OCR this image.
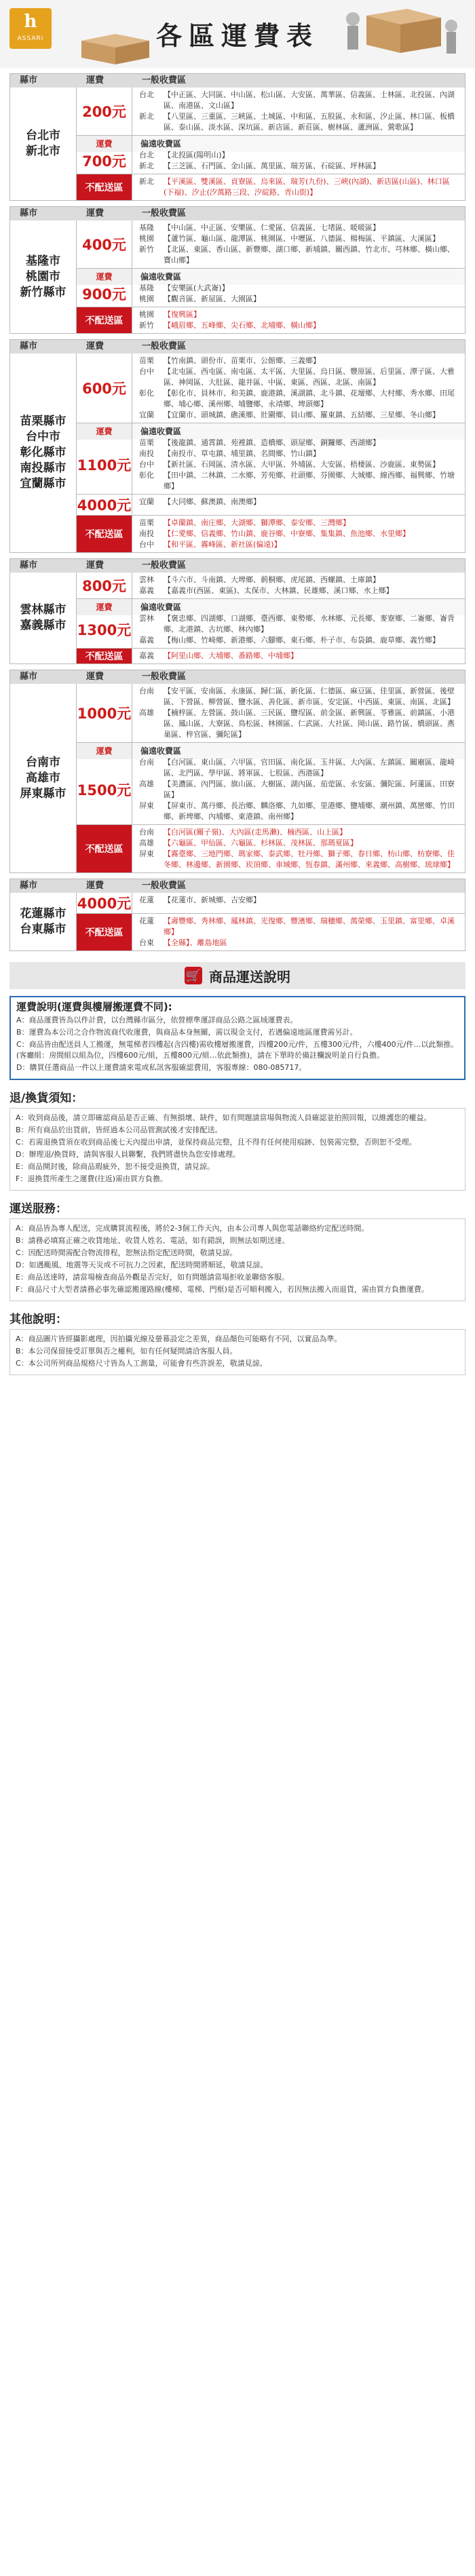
h
ASSARI	各區運費表
縣市	運費	一般收費區
台北市
新北市
200元
台北	【中正區、大同區、中山區、松山區、大安區、萬華區、信義區、士林區、北投區、內湖區、南港區、文山區】
新北	【八里區、三重區、三峽區、土城區、中和區、五股區、永和區、汐止區、林口區、板橋區、泰山區、淡水區、深坑區、新店區、新莊區、樹林區、蘆洲區、鶯歌區】
運費	偏遠收費區
700元	台北	【北投區(陽明山)】
新北	【三芝區、石門區、金山區、萬里區、瑞芳區、石碇區、坪林區】
不配送區
新北	【平溪區、雙溪區、貢寮區、烏來區、瑞芳(九份)、三峽(內湖)、新店區(山區)、林口區(下福)、汐止(汐萬路三段、汐碇路、青山街)】
縣市	運費	一般收費區
基隆市
桃園市
新竹縣市
400元
基隆	【中山區、中正區、安樂區、仁愛區、信義區、七堵區、暖暖區】
桃園	【蘆竹區、龜山區、龍潭區、桃園區、中壢區、八德區、楊梅區、平鎮區、大溪區】
新竹	【北區、東區、香山區、新豐鄉、湖口鄉、新埔鎮、關西鎮、竹北市、芎林鄉、橫山鄉、寶山鄉】
運費	偏遠收費區
900元	基隆	【安樂區(大武崙)】
桃園	【觀音區、新屋區、大園區】
不配送區
桃園	【復興區】
新竹	【峨眉鄉、五峰鄉、尖石鄉、北埔鄉、橫山鄉】
縣市	運費	一般收費區
苗栗縣市
台中市
彰化縣市
南投縣市
宜蘭縣市
600元
苗栗	【竹南鎮、頭份市、苗栗市、公館鄉、三義鄉】
台中	【北屯區、西屯區、南屯區、太平區、大里區、烏日區、豐原區、后里區、潭子區、大雅區、神岡區、大肚區、龍井區、中區、東區、西區、北區、南區】
彰化	【彰化市、員林市、和美鎮、鹿港鎮、溪湖鎮、北斗鎮、花壇鄉、大村鄉、秀水鄉、田尾鄉、埔心鄉、溪州鄉、埔鹽鄉、永靖鄉、埤頭鄉】
宜蘭	【宜蘭市、頭城鎮、礁溪鄉、壯圍鄉、員山鄉、羅東鎮、五結鄉、三星鄉、冬山鄉】
運費	偏遠收費區
1100元
苗栗	【後龍鎮、通霄鎮、苑裡鎮、造橋鄉、頭屋鄉、銅鑼鄉、西湖鄉】
南投	【南投市、草屯鎮、埔里鎮、名間鄉、竹山鎮】
台中	【新社區、石岡區、清水區、大甲區、外埔區、大安區、梧棲區、沙鹿區、東勢區】
彰化	【田中鎮、二林鎮、二水鄉、芳苑鄉、社頭鄉、芬園鄉、大城鄉、線西鄉、福興鄉、竹塘鄉】
4000元 宜蘭	【大同鄉、蘇澳鎮、南澳鄉】
不配送區
苗栗	【卓蘭鎮、南庄鄉、大湖鄉、獅潭鄉、泰安鄉、三灣鄉】
南投	【仁愛鄉、信義鄉、竹山鎮、鹿谷鄉、中寮鄉、集集鎮、魚池鄉、水里鄉】
台中	【和平區、霧峰區、新社區(偏遠)】
縣市	運費	一般收費區
雲林縣市
嘉義縣市
800元	雲林	【斗六市、斗南鎮、大埤鄉、莿桐鄉、虎尾鎮、西螺鎮、土庫鎮】
嘉義	【嘉義市(西區、東區)、太保市、大林鎮、民雄鄉、溪口鄉、水上鄉】
運費	偏遠收費區
1300元
雲林	【褒忠鄉、四湖鄉、口湖鄉、臺西鄉、東勢鄉、水林鄉、元長鄉、麥寮鄉、二崙鄉、崙背鄉、北港鎮、古坑鄉、林內鄉】
嘉義	【梅山鄉、竹崎鄉、新港鄉、六腳鄉、東石鄉、朴子市、布袋鎮、鹿草鄉、義竹鄉】
不配送區	嘉義	【阿里山鄉、大埔鄉、番路鄉、中埔鄉】
縣市	運費	一般收費區
台南市
高雄市
屏東縣市
1000元
台南	【安平區、安南區、永康區、歸仁區、新化區、仁德區、麻豆區、佳里區、新營區、後壁區、下營區、柳營區、鹽水區、善化區、新市區、安定區、中西區、東區、南區、北區】
高雄	【楠梓區、左營區、鼓山區、三民區、鹽埕區、前金區、新興區、苓雅區、前鎮區、小港區、鳳山區、大寮區、鳥松區、林園區、仁武區、大社區、岡山區、路竹區、橋頭區、燕巢區、梓官區、彌陀區】
運費	偏遠收費區
1500元
台南	【白河區、東山區、六甲區、官田區、南化區、玉井區、大內區、左鎮區、關廟區、龍崎區、北門區、學甲區、將軍區、七股區、西港區】
高雄	【美濃區、內門區、旗山區、大樹區、湖內區、茄萣區、永安區、彌陀區、阿蓮區、田寮區】
屏東	【屏東市、萬丹鄉、長治鄉、麟洛鄉、九如鄉、里港鄉、鹽埔鄉、潮州鎮、萬巒鄉、竹田鄉、新埤鄉、內埔鄉、東港鎮、南州鄉】
不配送區
台南	【白河區(關子嶺)、大內區(走馬瀨)、楠西區、山上區】
高雄	【六龜區、甲仙區、六龜區、杉林區、茂林區、那瑪夏區】
屏東	【霧臺鄉、三地門鄉、瑪家鄉、泰武鄉、牡丹鄉、獅子鄉、春日鄉、枋山鄉、枋寮鄉、佳冬鄉、林邊鄉、新園鄉、崁頂鄉、車城鄉、恆春鎮、滿州鄉、來義鄉、高樹鄉、琉球鄉】
縣市	運費	一般收費區
花蓮縣市
台東縣市
4000元 花蓮	【花蓮市、新城鄉、吉安鄉】
不配送區
花蓮	【壽豐鄉、秀林鄉、鳳林鎮、光復鄉、豐濱鄉、瑞穗鄉、萬榮鄉、玉里鎮、富里鄉、卓溪鄉】
台東	【全縣】、離島地區
🛒 商品運送說明
運費說明(運費與樓層搬運費不同):
A：商品運費皆為以件計費，以台灣縣市區分，依營標準運詳商品公路之區域運費表。
B：運費為本公司之合作物流商代收運費，與商品本身無關，需以現金支付，若遇偏遠地區運費需另計。
C：商品皆由配送員人工搬運，無電梯者四樓起(含四樓)需收樓層搬運費，四樓200元/件，五樓300元/件，六樓400元/件…以此類推。(客廳組：房間組以組為位，四樓600元/組，五樓800元/組…依此類推)，請在下單時於備註欄說明並自行負擔。
D：購買任選商品一件以上運費請來電或私訊客服確認費用，客服專線：080-085717。
退/換貨須知：
A：收到商品後，請立即確認商品是否正確、有無損壞、缺件，如有問題請當場與物流人員確認並拍照回報，以維護您的權益。
B：所有商品於出貨前，皆經過本公司品管測試後才安排配送。
C：若需退換貨須在收到商品後七天內提出申請，並保持商品完整，且不得有任何使用痕跡、包裝需完整，否則恕不受理。
D：辦理退/換貨時，請與客服人員聯繫，我們將盡快為您安排處理。
E：商品開封後，除商品瑕疵外，恕不接受退換貨，請見諒。
F：退換貨所產生之運費(往返)需由買方負擔。
運送服務：
A：商品皆為專人配送，完成購買流程後，將於2-3個工作天內，由本公司專人與您電話聯絡約定配送時間。
B：請務必填寫正確之收貨地址、收貨人姓名、電話，如有錯誤，則無法如期送達。
C：因配送時間需配合物流排程，恕無法指定配送時間，敬請見諒。
D：如遇颱風、地震等天災或不可抗力之因素，配送時間將順延，敬請見諒。
E：商品送達時，請當場檢查商品外觀是否完好，如有問題請當場拒收並聯絡客服。
F：商品尺寸大型者請務必事先確認搬運路線(樓梯、電梯、門框)是否可順利搬入，若因無法搬入而退貨，需由買方負擔運費。
其他說明：
A：商品圖片皆經攝影處理，因拍攝光線及螢幕設定之差異，商品顏色可能略有不同，以實品為準。
B：本公司保留接受訂單與否之權利，如有任何疑問請洽客服人員。
C：本公司所列商品規格尺寸皆為人工測量，可能會有些許誤差，敬請見諒。
